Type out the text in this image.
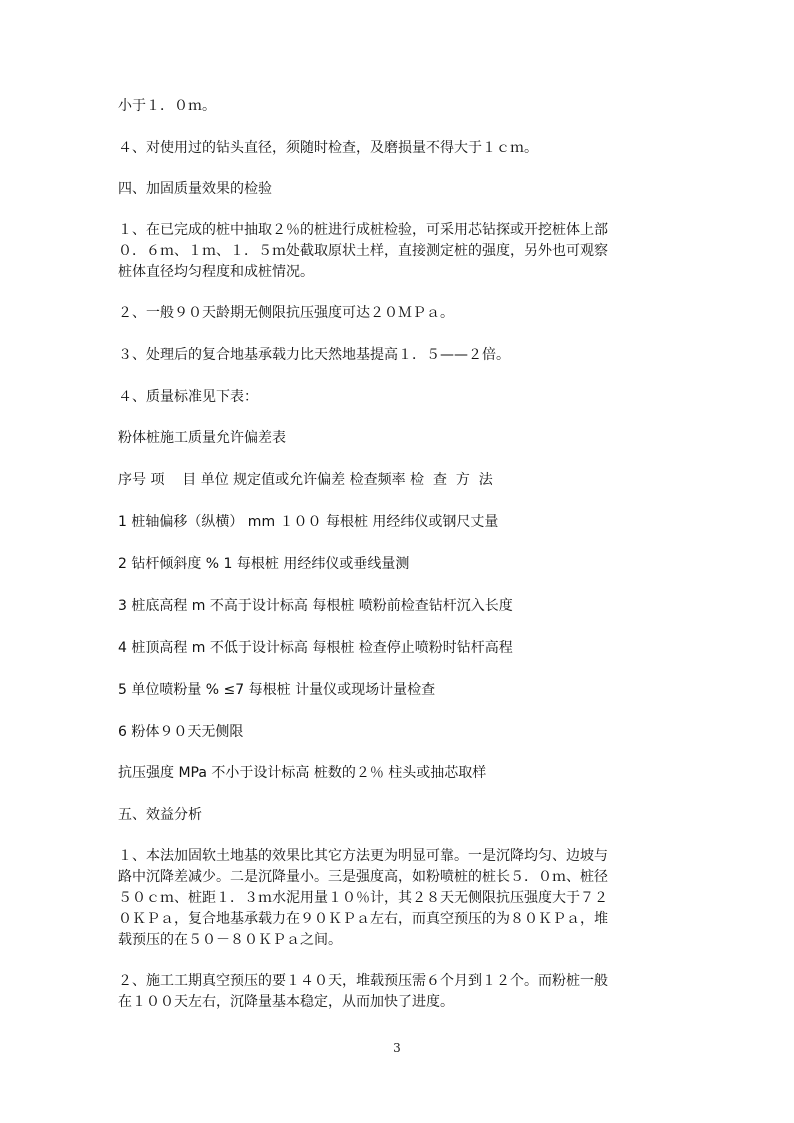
小于１．０ｍ。
４、对使用过的钻头直径，须随时检查，及磨损量不得大于１ｃｍ。
四、加固质量效果的检验
１、在已完成的桩中抽取２％的桩进行成桩检验，可采用芯钻探或开挖桩体上部
０．６ｍ、１ｍ、１．５ｍ处截取原状土样，直接测定桩的强度，另外也可观察
桩体直径均匀程度和成桩情况。
２、一般９０天龄期无侧限抗压强度可达２０ＭＰａ。
３、处理后的复合地基承载力比天然地基提高１．５——２倍。
４、质量标准见下表：
粉体桩施工质量允许偏差表
序号 项    目 单位 规定值或允许偏差 检查频率 检  查  方  法
1 桩轴偏移（纵横） mm １００ 每根桩 用经纬仪或钢尺丈量
2 钻杆倾斜度 % 1 每根桩 用经纬仪或垂线量测
3 桩底高程 m 不高于设计标高 每根桩 喷粉前检查钻杆沉入长度
4 桩顶高程 m 不低于设计标高 每根桩 检查停止喷粉时钻杆高程
5 单位喷粉量 % ≤7 每根桩 计量仪或现场计量检查
6 粉体９０天无侧限
抗压强度 MPa 不小于设计标高 桩数的２％ 柱头或抽芯取样
五、效益分析
１、本法加固软土地基的效果比其它方法更为明显可靠。一是沉降均匀、边坡与
路中沉降差减少。二是沉降量小。三是强度高，如粉喷桩的桩长５．０ｍ、桩径
５０ｃｍ、桩距１．３ｍ水泥用量１０％计，其２８天无侧限抗压强度大于７２
０ＫＰａ，复合地基承载力在９０ＫＰａ左右，而真空预压的为８０ＫＰａ，堆
载预压的在５０－８０ＫＰａ之间。
２、施工工期真空预压的要１４０天，堆载预压需６个月到１２个。而粉桩一般
在１００天左右，沉降量基本稳定，从而加快了进度。
3
